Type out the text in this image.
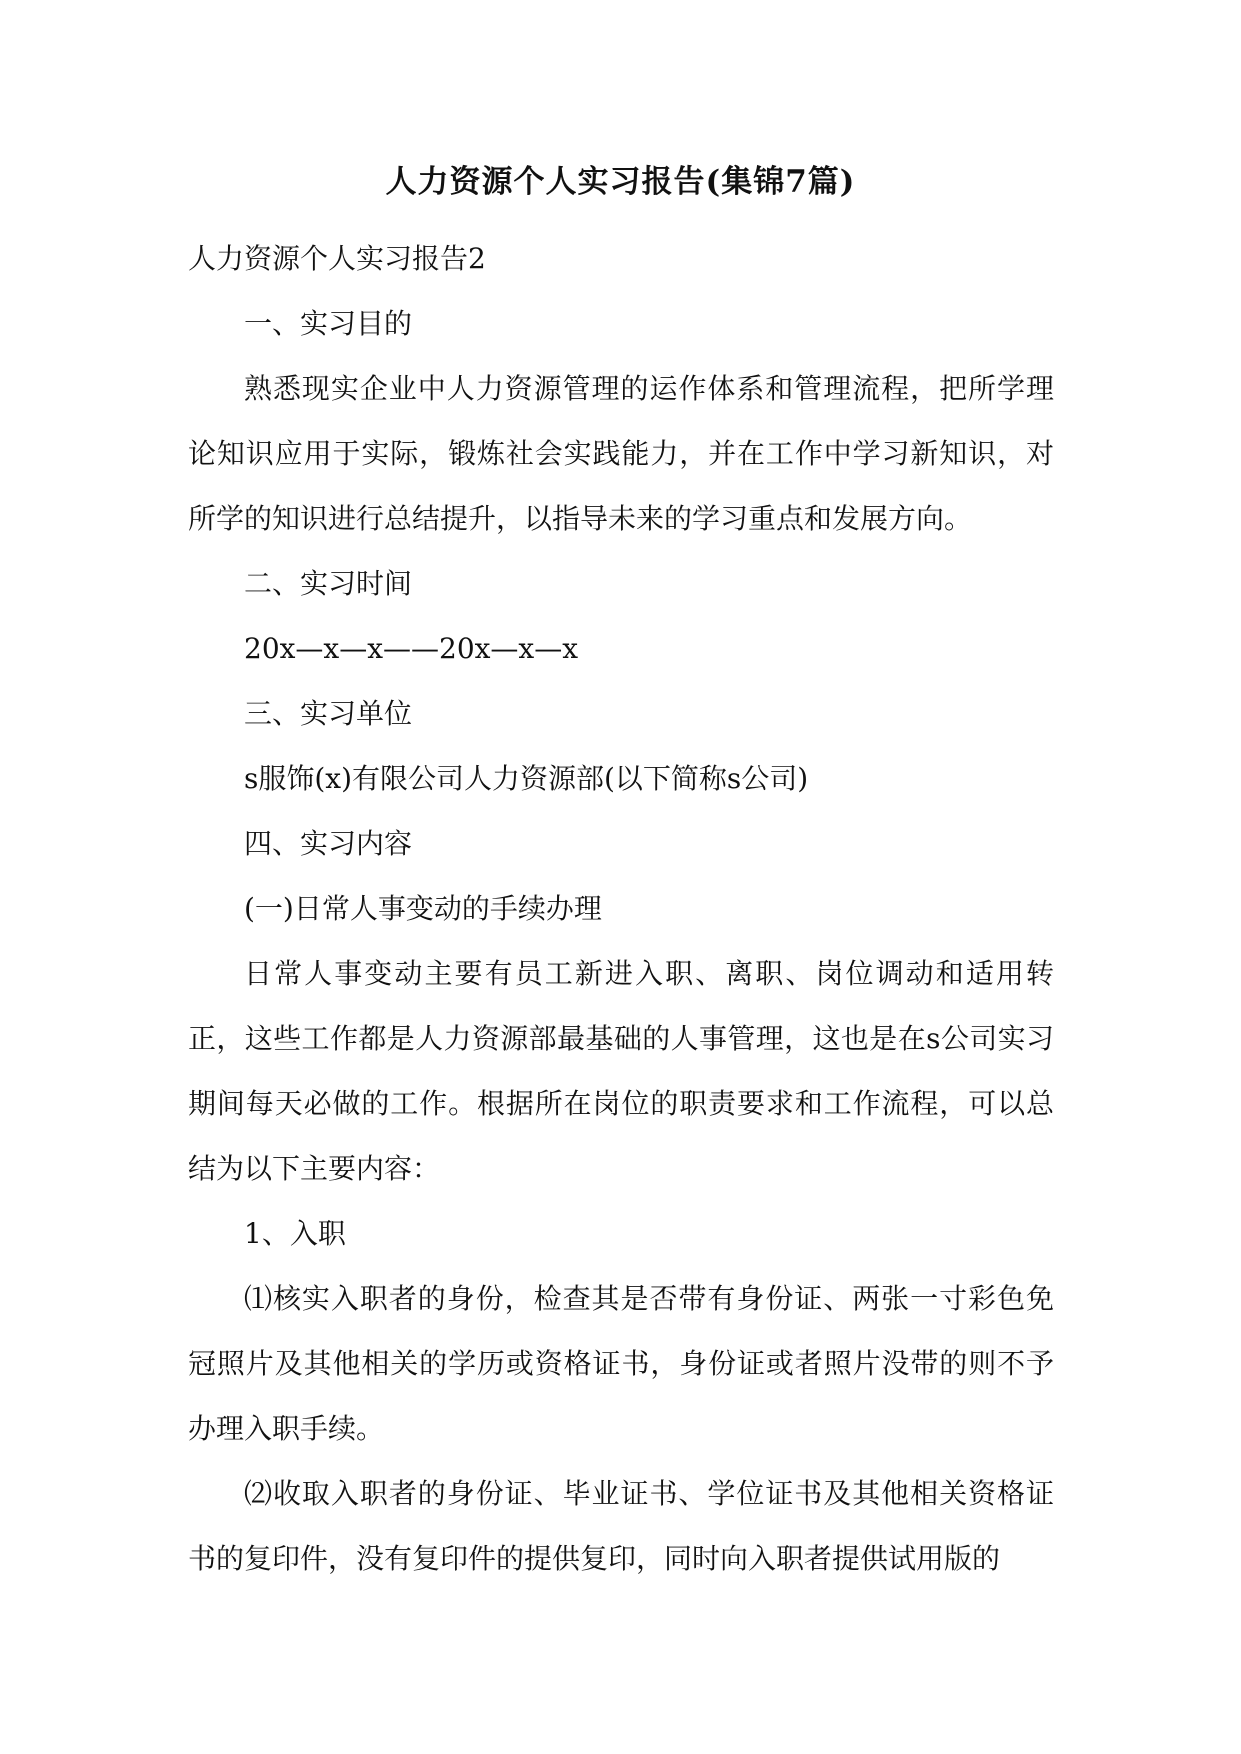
人力资源个人实习报告(集锦7篇)

人力资源个人实习报告2

一、实习目的

熟悉现实企业中人力资源管理的运作体系和管理流程，把所学理论知识应用于实际，锻炼社会实践能力，并在工作中学习新知识，对所学的知识进行总结提升，以指导未来的学习重点和发展方向。

二、实习时间

20x—x—x——20x—x—x

三、实习单位

s服饰(x)有限公司人力资源部(以下简称s公司)

四、实习内容

(一)日常人事变动的手续办理

日常人事变动主要有员工新进入职、离职、岗位调动和适用转正，这些工作都是人力资源部最基础的人事管理，这也是在s公司实习期间每天必做的工作。根据所在岗位的职责要求和工作流程，可以总结为以下主要内容：

1、入职

⑴核实入职者的身份，检查其是否带有身份证、两张一寸彩色免冠照片及其他相关的学历或资格证书，身份证或者照片没带的则不予办理入职手续。

⑵收取入职者的身份证、毕业证书、学位证书及其他相关资格证书的复印件，没有复印件的提供复印，同时向入职者提供试用版的
